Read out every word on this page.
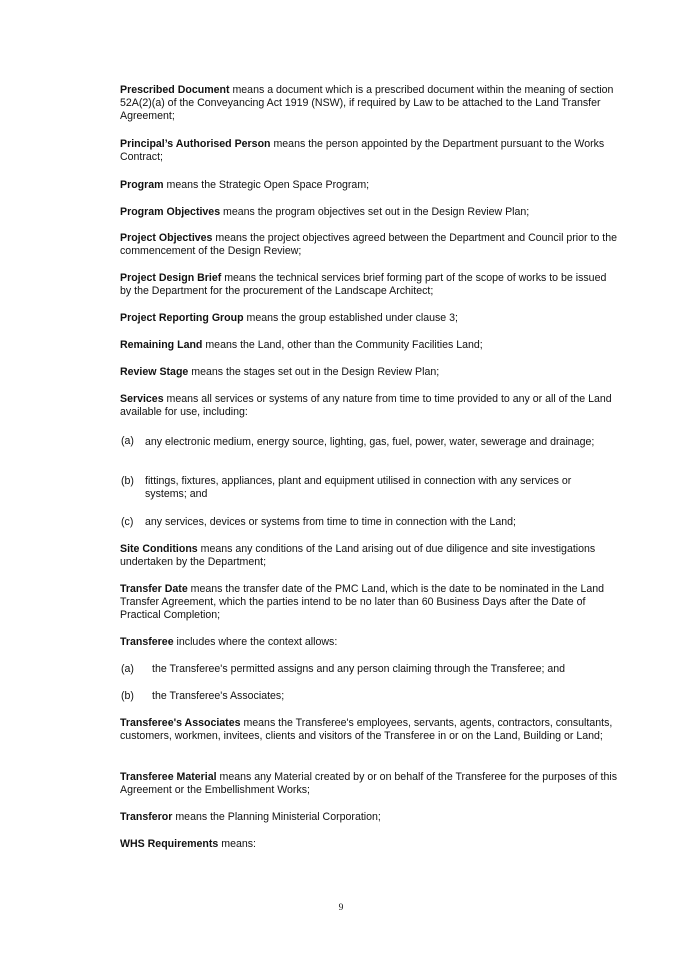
Prescribed Document means a document which is a prescribed document within the meaning of section 52A(2)(a) of the Conveyancing Act 1919 (NSW), if required by Law to be attached to the Land Transfer Agreement;

Principal’s Authorised Person means the person appointed by the Department pursuant to the Works Contract;

Program means the Strategic Open Space Program;

Program Objectives means the program objectives set out in the Design Review Plan;

Project Objectives means the project objectives agreed between the Department and Council prior to the commencement of the Design Review;

Project Design Brief means the technical services brief forming part of the scope of works to be issued by the Department for the procurement of the Landscape Architect;

Project Reporting Group means the group established under clause 3;

Remaining Land means the Land, other than the Community Facilities Land;

Review Stage means the stages set out in the Design Review Plan;

Services means all services or systems of any nature from time to time provided to any or all of the Land available for use, including:

(a) any electronic medium, energy source, lighting, gas, fuel, power, water, sewerage and drainage;
(b) fittings, fixtures, appliances, plant and equipment utilised in connection with any services or systems; and
(c) any services, devices or systems from time to time in connection with the Land;

Site Conditions means any conditions of the Land arising out of due diligence and site investigations undertaken by the Department;

Transfer Date means the transfer date of the PMC Land, which is the date to be nominated in the Land Transfer Agreement, which the parties intend to be no later than 60 Business Days after the Date of Practical Completion;

Transferee includes where the context allows:

(a) the Transferee's permitted assigns and any person claiming through the Transferee; and
(b) the Transferee's Associates;

Transferee's Associates means the Transferee's employees, servants, agents, contractors, consultants, customers, workmen, invitees, clients and visitors of the Transferee in or on the Land, Building or Land;

Transferee Material means any Material created by or on behalf of the Transferee for the purposes of this Agreement or the Embellishment Works;

Transferor means the Planning Ministerial Corporation;

WHS Requirements means:

9
